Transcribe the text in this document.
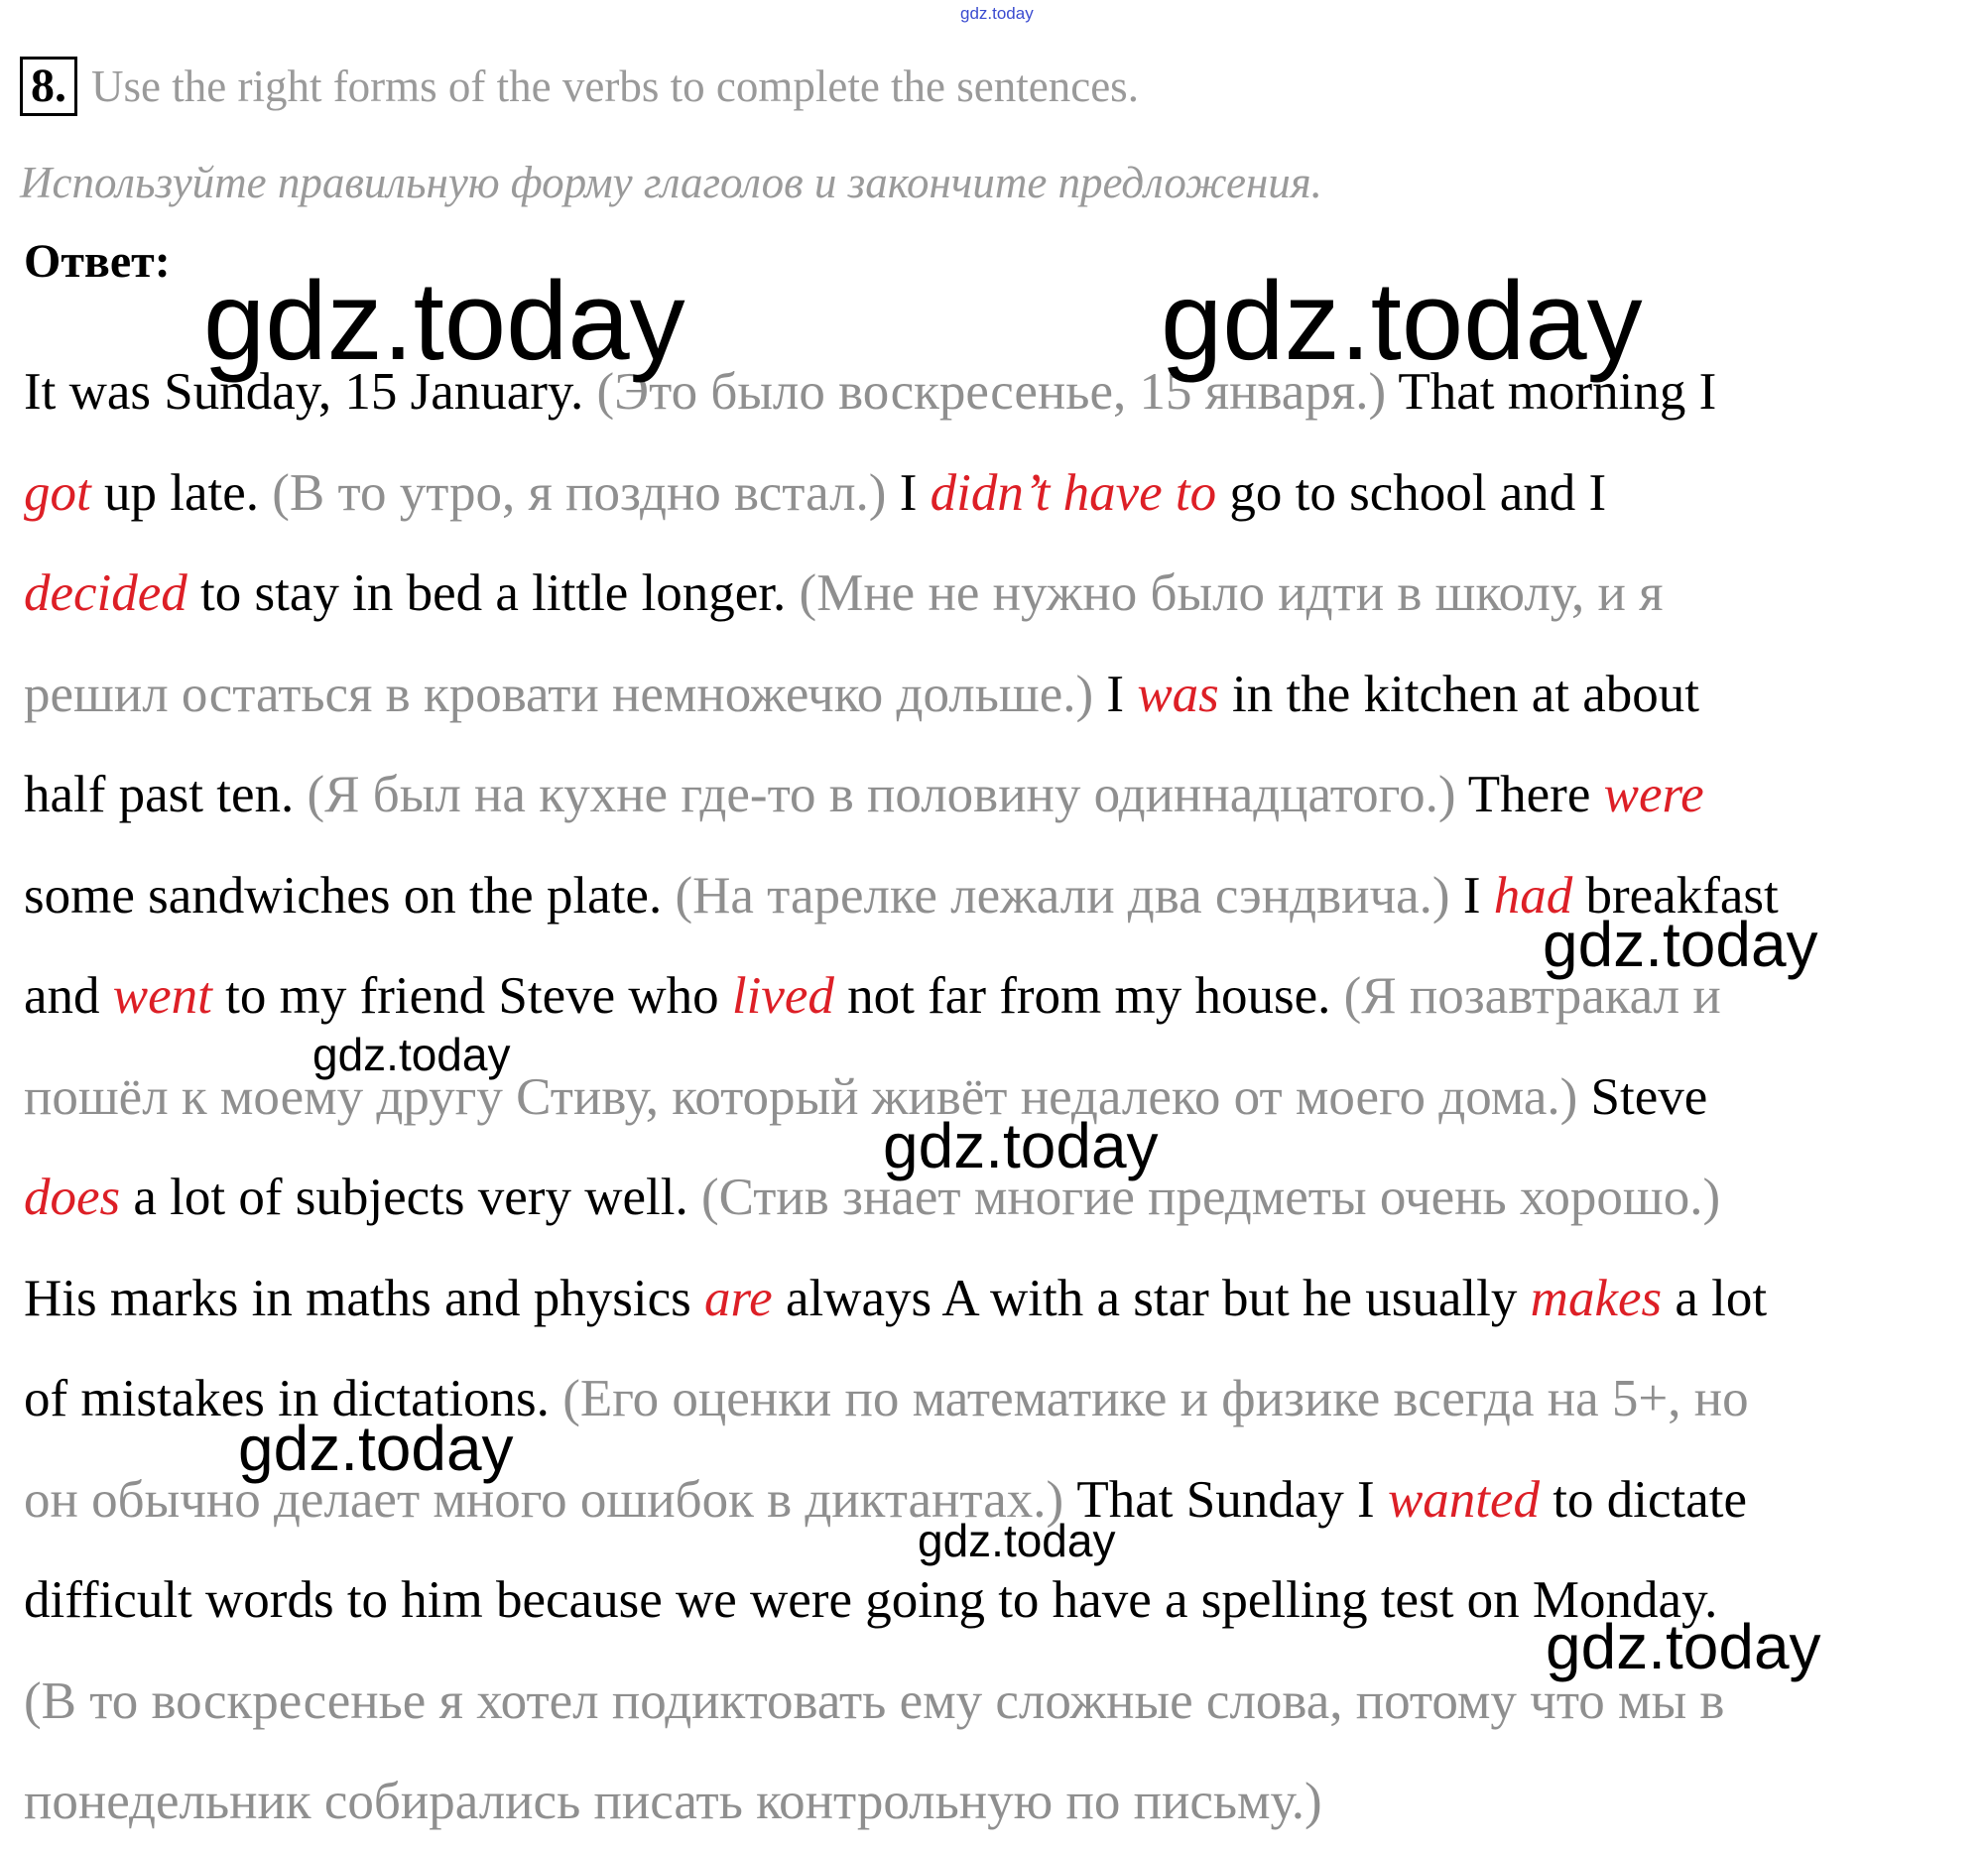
gdz.today
8. Use the right forms of the verbs to complete the sentences.
Используйте правильную форму глаголов и закончите предложения.
Ответ:
It was Sunday, 15 January. (Это было воскресенье, 15 января.) That morning I
got up late. (В то утро, я поздно встал.) I didn’t have to go to school and I
decided to stay in bed a little longer. (Мне не нужно было идти в школу, и я
решил остаться в кровати немножечко дольше.) I was in the kitchen at about
half past ten. (Я был на кухне где-то в половину одиннадцатого.) There were
some sandwiches on the plate. (На тарелке лежали два сэндвича.) I had breakfast
and went to my friend Steve who lived not far from my house. (Я позавтракал и
пошёл к моему другу Стиву, который живёт недалеко от моего дома.) Steve
does a lot of subjects very well. (Стив знает многие предметы очень хорошо.)
His marks in maths and physics are always A with a star but he usually makes a lot
of mistakes in dictations. (Его оценки по математике и физике всегда на 5+, но
он обычно делает много ошибок в диктантах.) That Sunday I wanted to dictate
difficult words to him because we were going to have a spelling test on Monday.
(В то воскресенье я хотел подиктовать ему сложные слова, потому что мы в
понедельник собирались писать контрольную по письму.)
gdz.today	gdz.today
gdz.today
gdz.today
gdz.today
gdz.today
gdz.today
gdz.today
